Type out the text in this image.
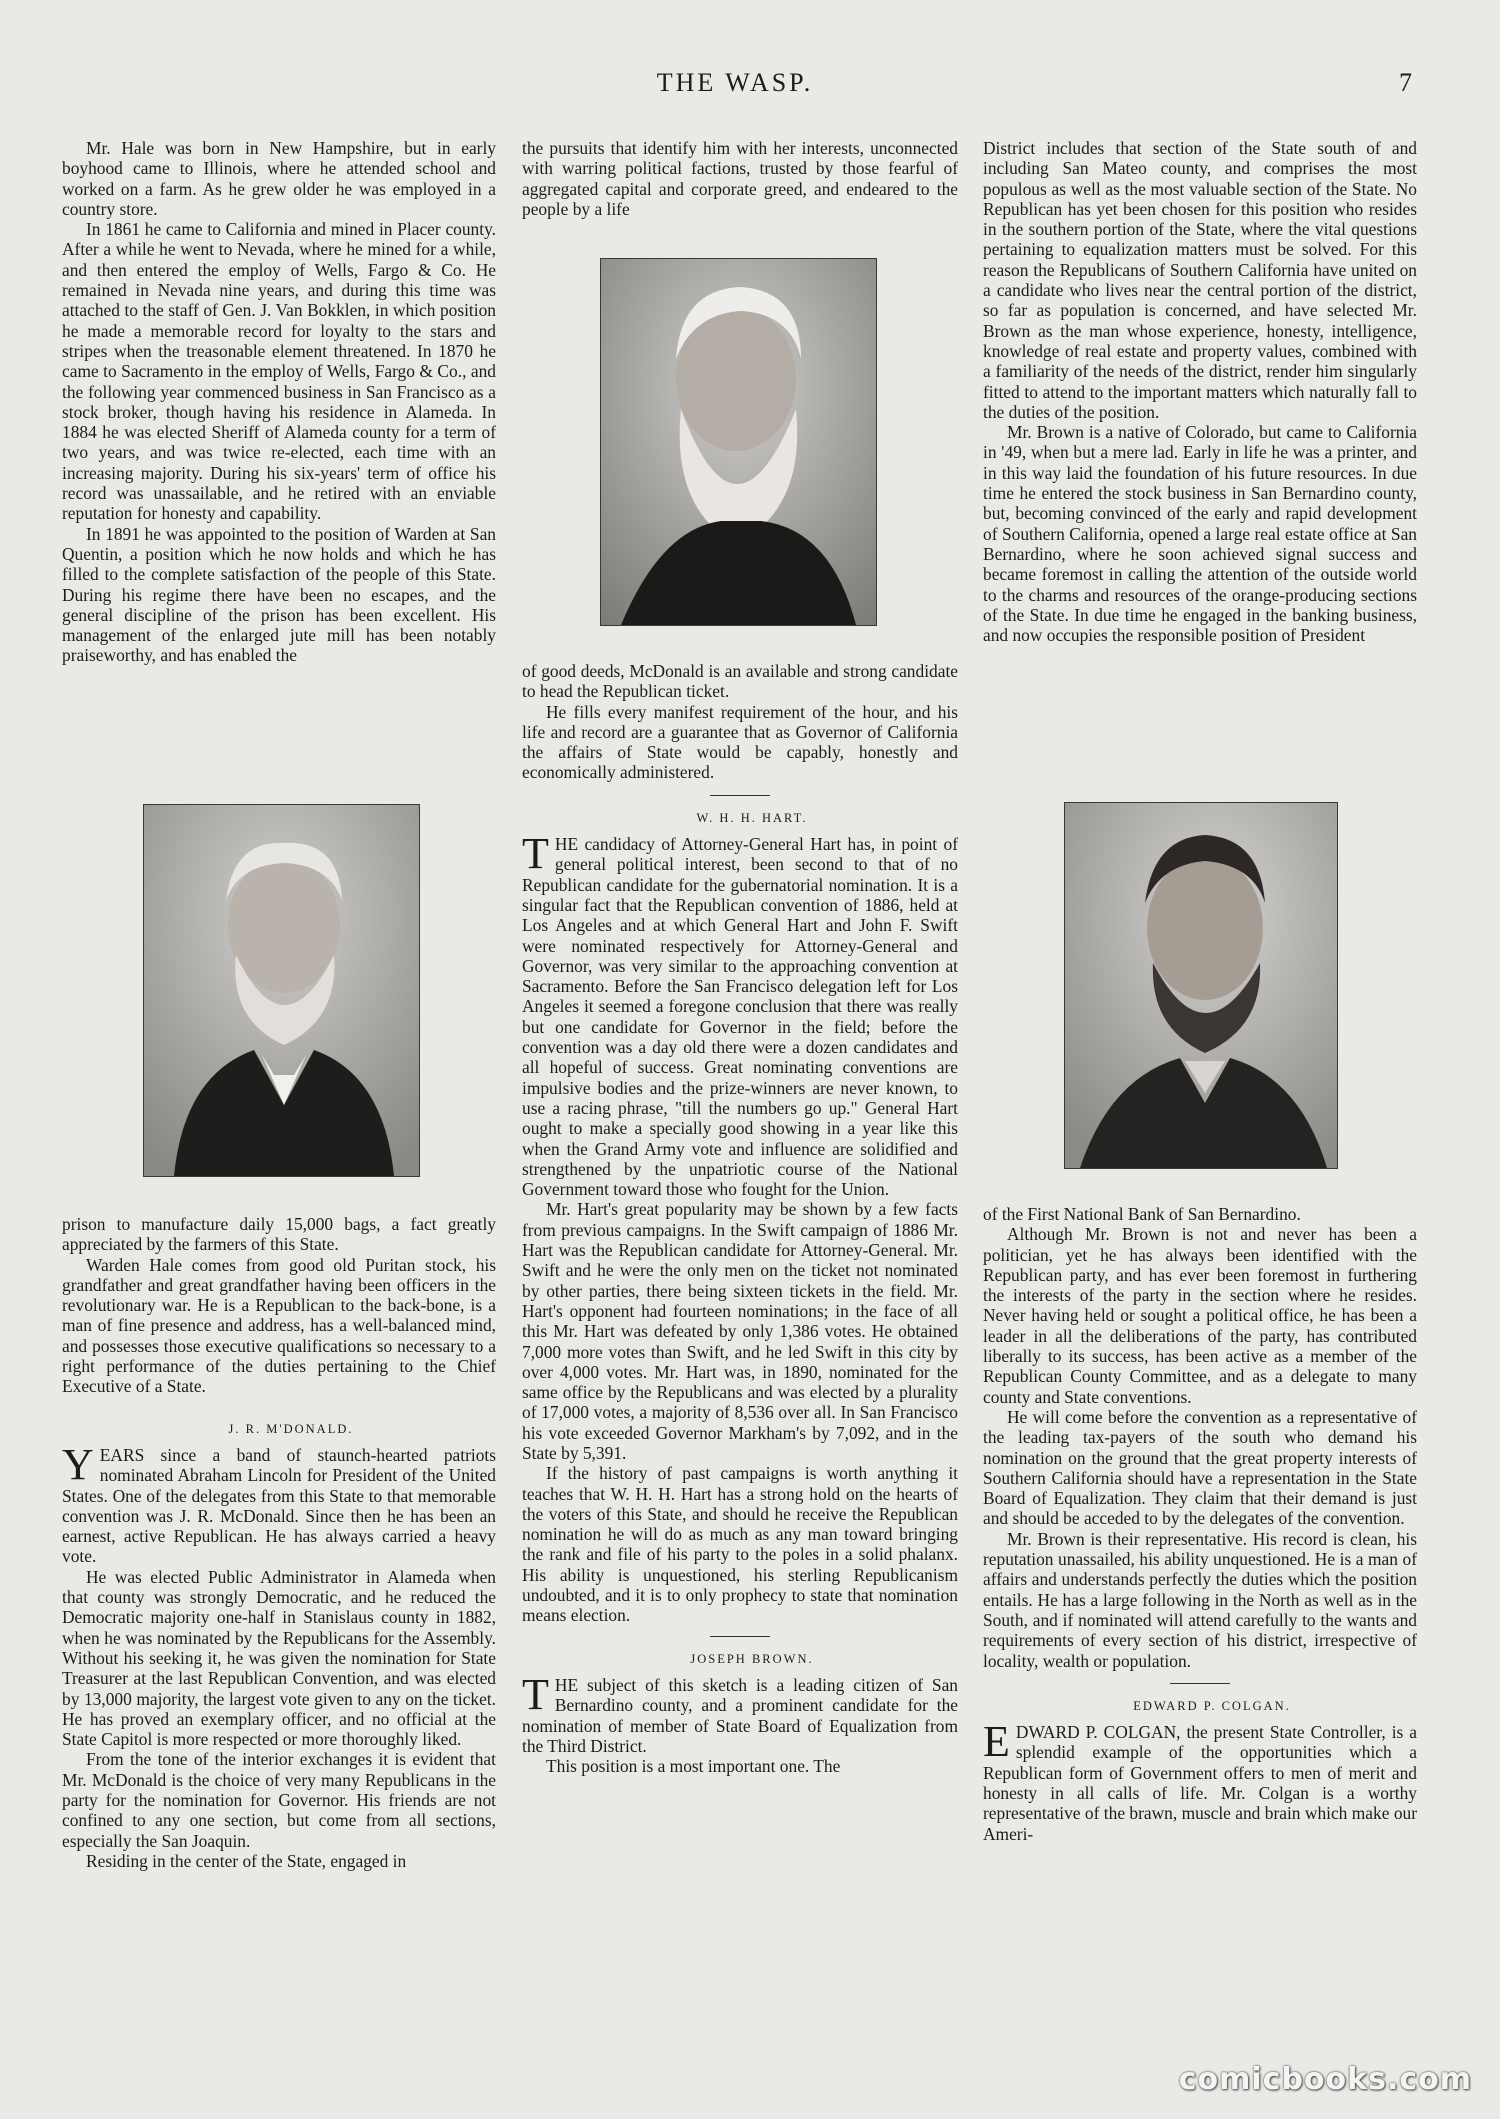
THE WASP.	7

Mr. Hale was born in New Hampshire, but in early boyhood came to Illinois, where he attended school and worked on a farm. As he grew older he was employed in a country store.

In 1861 he came to California and mined in Placer county. After a while he went to Nevada, where he mined for a while, and then entered the employ of Wells, Fargo & Co. He remained in Nevada nine years, and during this time was attached to the staff of Gen. J. Van Bokklen, in which position he made a memorable record for loyalty to the stars and stripes when the treasonable element threatened. In 1870 he came to Sacramento in the employ of Wells, Fargo & Co., and the following year commenced business in San Francisco as a stock broker, though having his residence in Alameda. In 1884 he was elected Sheriff of Alameda county for a term of two years, and was twice re-elected, each time with an increasing majority. During his six-years' term of office his record was unassailable, and he retired with an enviable reputation for honesty and capability.

In 1891 he was appointed to the position of Warden at San Quentin, a position which he now holds and which he has filled to the complete satisfaction of the people of this State. During his regime there have been no escapes, and the general discipline of the prison has been excellent. His management of the enlarged jute mill has been notably praiseworthy, and has enabled the

prison to manufacture daily 15,000 bags, a fact greatly appreciated by the farmers of this State.

Warden Hale comes from good old Puritan stock, his grandfather and great grandfather having been officers in the revolutionary war. He is a Republican to the back-bone, is a man of fine presence and address, has a well-balanced mind, and possesses those executive qualifications so necessary to a right performance of the duties pertaining to the Chief Executive of a State.

J. R. M'DONALD.

YEARS since a band of staunch-hearted patriots nominated Abraham Lincoln for President of the United States. One of the delegates from this State to that memorable convention was J. R. McDonald. Since then he has been an earnest, active Republican. He has always carried a heavy vote.

He was elected Public Administrator in Alameda when that county was strongly Democratic, and he reduced the Democratic majority one-half in Stanislaus county in 1882, when he was nominated by the Republicans for the Assembly. Without his seeking it, he was given the nomination for State Treasurer at the last Republican Convention, and was elected by 13,000 majority, the largest vote given to any on the ticket. He has proved an exemplary officer, and no official at the State Capitol is more respected or more thoroughly liked.

From the tone of the interior exchanges it is evident that Mr. McDonald is the choice of very many Republicans in the party for the nomination for Governor. His friends are not confined to any one section, but come from all sections, especially the San Joaquin.

Residing in the center of the State, engaged in

the pursuits that identify him with her interests, unconnected with warring political factions, trusted by those fearful of aggregated capital and corporate greed, and endeared to the people by a life

of good deeds, McDonald is an available and strong candidate to head the Republican ticket.

He fills every manifest requirement of the hour, and his life and record are a guarantee that as Governor of California the affairs of State would be capably, honestly and economically administered.

W. H. H. HART.

THE candidacy of Attorney-General Hart has, in point of general political interest, been second to that of no Republican candidate for the gubernatorial nomination. It is a singular fact that the Republican convention of 1886, held at Los Angeles and at which General Hart and John F. Swift were nominated respectively for Attorney-General and Governor, was very similar to the approaching convention at Sacramento. Before the San Francisco delegation left for Los Angeles it seemed a foregone conclusion that there was really but one candidate for Governor in the field; before the convention was a day old there were a dozen candidates and all hopeful of success. Great nominating conventions are impulsive bodies and the prize-winners are never known, to use a racing phrase, "till the numbers go up." General Hart ought to make a specially good showing in a year like this when the Grand Army vote and influence are solidified and strengthened by the unpatriotic course of the National Government toward those who fought for the Union.

Mr. Hart's great popularity may be shown by a few facts from previous campaigns. In the Swift campaign of 1886 Mr. Hart was the Republican candidate for Attorney-General. Mr. Swift and he were the only men on the ticket not nominated by other parties, there being sixteen tickets in the field. Mr. Hart's opponent had fourteen nominations; in the face of all this Mr. Hart was defeated by only 1,386 votes. He obtained 7,000 more votes than Swift, and he led Swift in this city by over 4,000 votes. Mr. Hart was, in 1890, nominated for the same office by the Republicans and was elected by a plurality of 17,000 votes, a majority of 8,536 over all. In San Francisco his vote exceeded Governor Markham's by 7,092, and in the State by 5,391.

If the history of past campaigns is worth anything it teaches that W. H. H. Hart has a strong hold on the hearts of the voters of this State, and should he receive the Republican nomination he will do as much as any man toward bringing the rank and file of his party to the poles in a solid phalanx. His ability is unquestioned, his sterling Republicanism undoubted, and it is to only prophecy to state that nomination means election.

JOSEPH BROWN.

THE subject of this sketch is a leading citizen of San Bernardino county, and a prominent candidate for the nomination of member of State Board of Equalization from the Third District.

This position is a most important one. The

District includes that section of the State south of and including San Mateo county, and comprises the most populous as well as the most valuable section of the State. No Republican has yet been chosen for this position who resides in the southern portion of the State, where the vital questions pertaining to equalization matters must be solved. For this reason the Republicans of Southern California have united on a candidate who lives near the central portion of the district, so far as population is concerned, and have selected Mr. Brown as the man whose experience, honesty, intelligence, knowledge of real estate and property values, combined with a familiarity of the needs of the district, render him singularly fitted to attend to the important matters which naturally fall to the duties of the position.

Mr. Brown is a native of Colorado, but came to California in '49, when but a mere lad. Early in life he was a printer, and in this way laid the foundation of his future resources. In due time he entered the stock business in San Bernardino county, but, becoming convinced of the early and rapid development of Southern California, opened a large real estate office at San Bernardino, where he soon achieved signal success and became foremost in calling the attention of the outside world to the charms and resources of the orange-producing sections of the State. In due time he engaged in the banking business, and now occupies the responsible position of President

of the First National Bank of San Bernardino.

Although Mr. Brown is not and never has been a politician, yet he has always been identified with the Republican party, and has ever been foremost in furthering the interests of the party in the section where he resides. Never having held or sought a political office, he has been a leader in all the deliberations of the party, has contributed liberally to its success, has been active as a member of the Republican County Committee, and as a delegate to many county and State conventions.

He will come before the convention as a representative of the leading tax-payers of the south who demand his nomination on the ground that the great property interests of Southern California should have a representation in the State Board of Equalization. They claim that their demand is just and should be acceded to by the delegates of the convention.

Mr. Brown is their representative. His record is clean, his reputation unassailed, his ability unquestioned. He is a man of affairs and understands perfectly the duties which the position entails. He has a large following in the North as well as in the South, and if nominated will attend carefully to the wants and requirements of every section of his district, irrespective of locality, wealth or population.

EDWARD P. COLGAN.

EDWARD P. COLGAN, the present State Controller, is a splendid example of the opportunities which a Republican form of Government offers to men of merit and honesty in all calls of life. Mr. Colgan is a worthy representative of the brawn, muscle and brain which make our Ameri-

comicbooks.com
